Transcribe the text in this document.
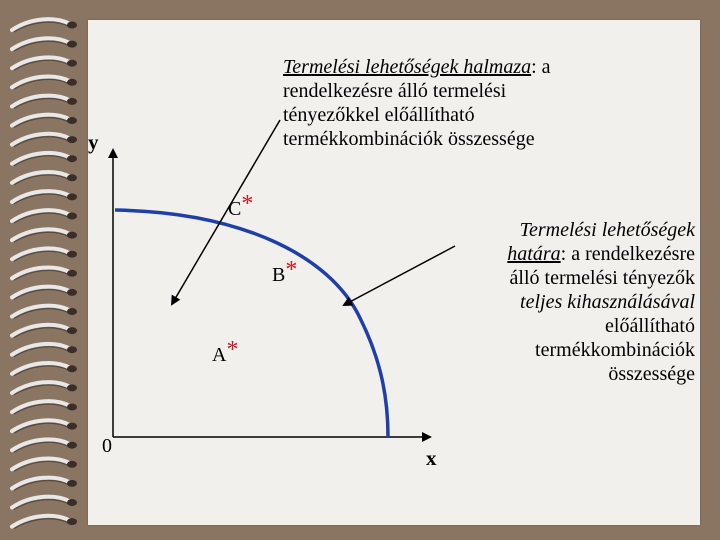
y
x
0
C*
B*
A*
Termelési lehetőségek halmaza: a
rendelkezésre álló termelési
tényezőkkel előállítható
termékkombinációk összessége
Termelési lehetőségek
határa: a rendelkezésre
álló termelési tényezők
teljes kihasználásával
előállítható
termékkombinációk
összessége
